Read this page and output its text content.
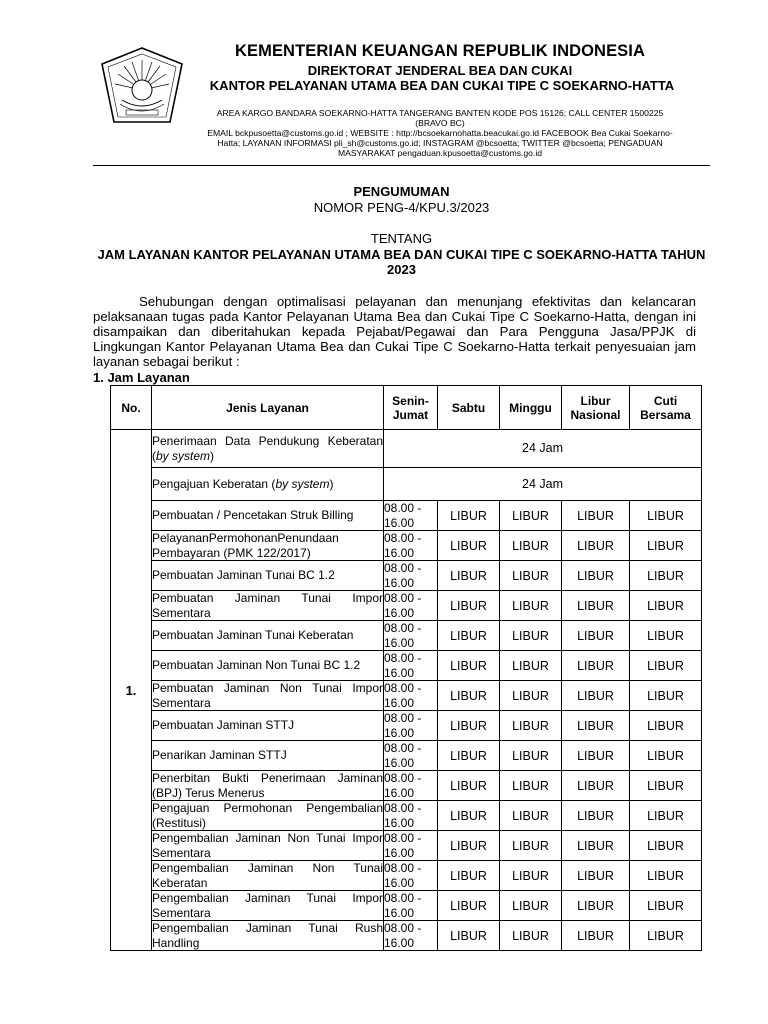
KEMENTERIAN KEUANGAN REPUBLIK INDONESIA
DIREKTORAT JENDERAL BEA DAN CUKAI
KANTOR PELAYANAN UTAMA BEA DAN CUKAI TIPE C SOEKARNO-HATTA
AREA KARGO BANDARA SOEKARNO-HATTA TANGERANG BANTEN KODE POS 15126; CALL CENTER 1500225 (BRAVO BC)
EMAIL bckpusoetta@customs.go.id ; WEBSITE : http://bcsoekarnohatta.beacukai.go.id FACEBOOK Bea Cukai Soekarno-Hatta; LAYANAN INFORMASI pli_sh@customs.go.id; INSTAGRAM @bcsoetta; TWITTER @bcsoetta; PENGADUAN MASYARAKAT pengaduan.kpusoetta@customs.go.id
PENGUMUMAN
NOMOR PENG-4/KPU.3/2023
TENTANG
JAM LAYANAN KANTOR PELAYANAN UTAMA BEA DAN CUKAI TIPE C SOEKARNO-HATTA TAHUN 2023
Sehubungan dengan optimalisasi pelayanan dan menunjang efektivitas dan kelancaran pelaksanaan tugas pada Kantor Pelayanan Utama Bea dan Cukai Tipe C Soekarno-Hatta, dengan ini disampaikan dan diberitahukan kepada Pejabat/Pegawai dan Para Pengguna Jasa/PPJK di Lingkungan Kantor Pelayanan Utama Bea dan Cukai Tipe C Soekarno-Hatta terkait penyesuaian jam layanan sebagai berikut :
1. Jam Layanan
No.	Jenis Layanan	Senin-Jumat	Sabtu	Minggu	Libur Nasional	Cuti Bersama
1.	Penerimaan Data Pendukung Keberatan (by system)	24 Jam				

	Pengajuan Keberatan (by system)	24 Jam				

	Pembuatan / Pencetakan Struk Billing	08.00 - 16.00	LIBUR	LIBUR	LIBUR	LIBUR

	PelayananPermohonanPenundaan Pembayaran (PMK 122/2017)	08.00 - 16.00	LIBUR	LIBUR	LIBUR	LIBUR

	Pembuatan Jaminan Tunai BC 1.2	08.00 - 16.00	LIBUR	LIBUR	LIBUR	LIBUR

	Pembuatan Jaminan Tunai Impor Sementara	08.00 - 16.00	LIBUR	LIBUR	LIBUR	LIBUR

	Pembuatan Jaminan Tunai Keberatan	08.00 - 16.00	LIBUR	LIBUR	LIBUR	LIBUR

	Pembuatan Jaminan Non Tunai BC 1.2	08.00 - 16.00	LIBUR	LIBUR	LIBUR	LIBUR

	Pembuatan Jaminan Non Tunai Impor Sementara	08.00 - 16.00	LIBUR	LIBUR	LIBUR	LIBUR

	Pembuatan Jaminan STTJ	08.00 - 16.00	LIBUR	LIBUR	LIBUR	LIBUR

	Penarikan Jaminan STTJ	08.00 - 16.00	LIBUR	LIBUR	LIBUR	LIBUR

	Penerbitan Bukti Penerimaan Jaminan (BPJ) Terus Menerus	08.00 - 16.00	LIBUR	LIBUR	LIBUR	LIBUR

	Pengajuan Permohonan Pengembalian (Restitusi)	08.00 - 16.00	LIBUR	LIBUR	LIBUR	LIBUR

	Pengembalian Jaminan Non Tunai Impor Sementara	08.00 - 16.00	LIBUR	LIBUR	LIBUR	LIBUR

	Pengembalian Jaminan Non Tunai Keberatan	08.00 - 16.00	LIBUR	LIBUR	LIBUR	LIBUR

	Pengembalian Jaminan Tunai Impor Sementara	08.00 - 16.00	LIBUR	LIBUR	LIBUR	LIBUR

	Pengembalian Jaminan Tunai Rush Handling	08.00 - 16.00	LIBUR	LIBUR	LIBUR	LIBUR
